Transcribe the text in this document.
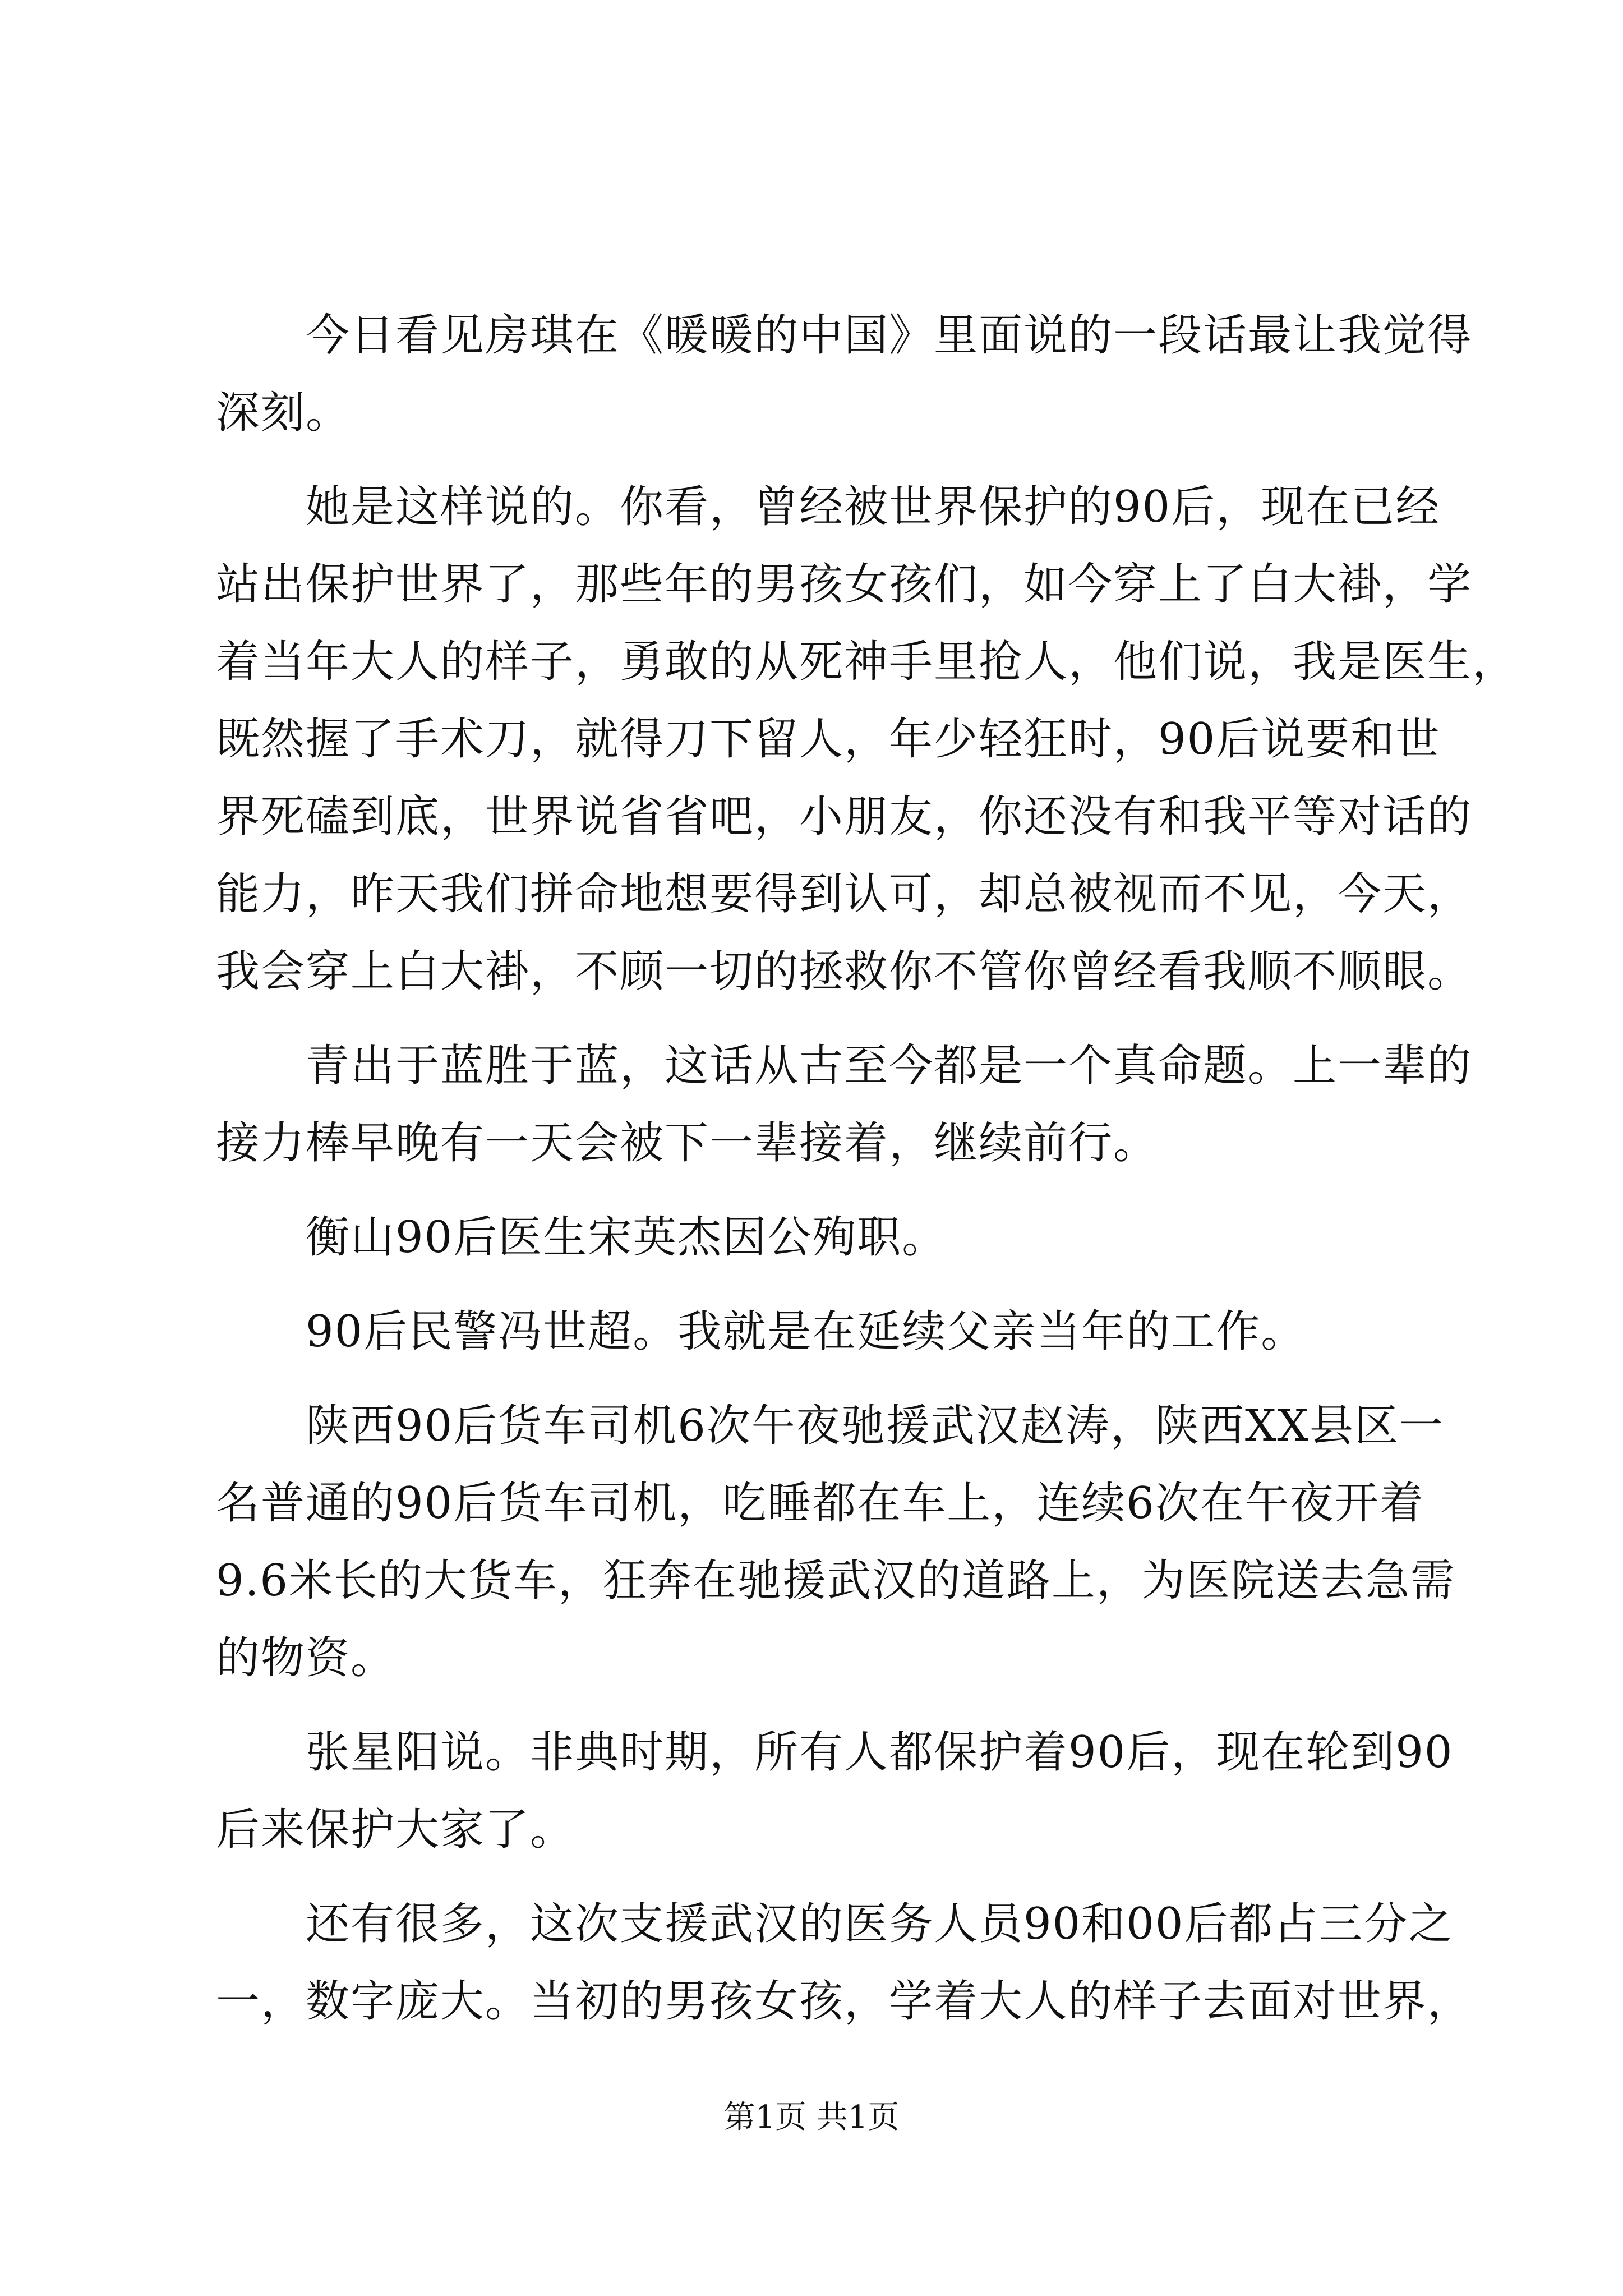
今日看见房琪在《暖暖的中国》里面说的一段话最让我觉得
深刻。
她是这样说的。你看，曾经被世界保护的90后，现在已经
站出保护世界了，那些年的男孩女孩们，如今穿上了白大褂，学
着当年大人的样子，勇敢的从死神手里抢人，他们说，我是医生，
既然握了手术刀，就得刀下留人，年少轻狂时，90后说要和世
界死磕到底，世界说省省吧，小朋友，你还没有和我平等对话的
能力，昨天我们拼命地想要得到认可，却总被视而不见，今天，
我会穿上白大褂，不顾一切的拯救你不管你曾经看我顺不顺眼。
青出于蓝胜于蓝，这话从古至今都是一个真命题。上一辈的
接力棒早晚有一天会被下一辈接着，继续前行。
衡山90后医生宋英杰因公殉职。
90后民警冯世超。我就是在延续父亲当年的工作。
陕西90后货车司机6次午夜驰援武汉赵涛，陕西XX县区一
名普通的90后货车司机，吃睡都在车上，连续6次在午夜开着
9.6米长的大货车，狂奔在驰援武汉的道路上，为医院送去急需
的物资。
张星阳说。非典时期，所有人都保护着90后，现在轮到90
后来保护大家了。
还有很多，这次支援武汉的医务人员90和00后都占三分之
一，数字庞大。当初的男孩女孩，学着大人的样子去面对世界，
第1页 共1页
